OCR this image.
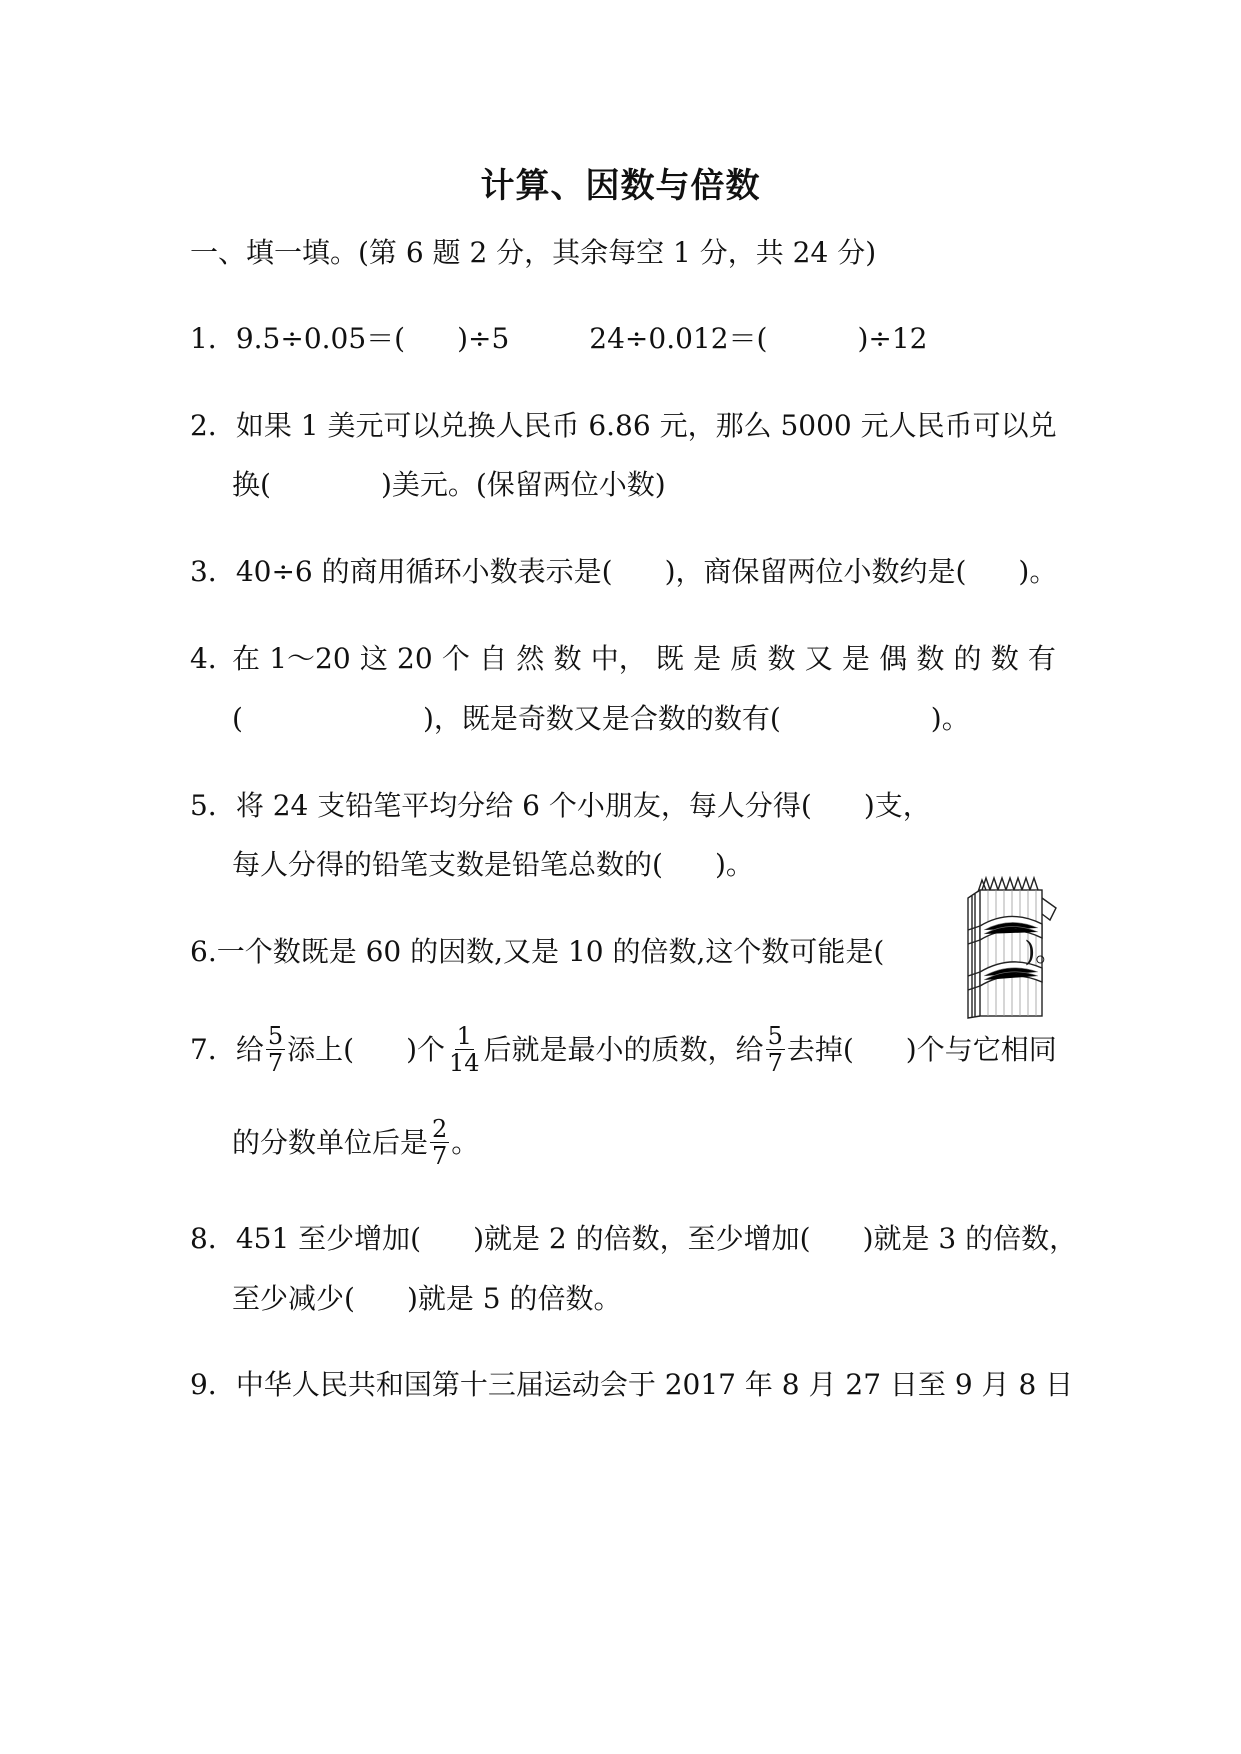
计算、因数与倍数
一、填一填。(第 6 题 2 分，其余每空 1 分，共 24 分)
1．9.5÷0.05＝( )÷5	24÷0.012＝(	)÷12
2．如果 1 美元可以兑换人民币 6.86 元，那么 5000 元人民币可以兑
换(	)美元。(保留两位小数)
3．40÷6 的商用循环小数表示是( )，商保留两位小数约是( )。
4．
在 1～20 这 20 个 自 然 数 中， 既 是 质 数 又 是 偶 数 的 数 有
(	)，既是奇数又是合数的数有(	)。
5．将 24 支铅笔平均分给 6 个小朋友，每人分得( )支，
每人分得的铅笔支数是铅笔总数的( )。
6.一个数既是 60 的因数,又是 10 的倍数,这个数可能是(	)。
7．给 $\frac{5}{7}$ 添上( )个 $\frac{1}{14}$ 后就是最小的质数，给 $\frac{5}{7}$ 去掉( )个与它相同
的分数单位后是 $\frac{2}{7}$ 。
8．451 至少增加( )就是 2 的倍数，至少增加( )就是 3 的倍数，
至少减少( )就是 5 的倍数。
9．中华人民共和国第十三届运动会于 2017 年 8 月 27 日至 9 月 8 日
